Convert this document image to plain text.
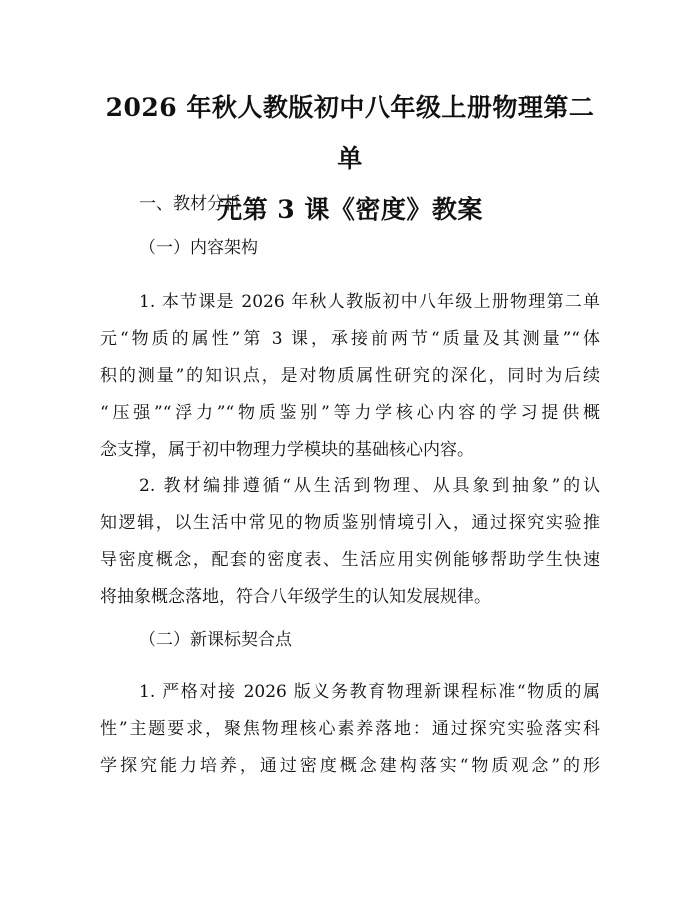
2026 年秋人教版初中八年级上册物理第二单
元第 3 课《密度》教案
一、教材分析
（一）内容架构
1. 本节课是 2026 年秋人教版初中八年级上册物理第二单
元“物质的属性”第 3 课，承接前两节“质量及其测量”“体
积的测量”的知识点，是对物质属性研究的深化，同时为后续
“压强”“浮力”“物质鉴别”等力学核心内容的学习提供概
念支撑，属于初中物理力学模块的基础核心内容。
2. 教材编排遵循“从生活到物理、从具象到抽象”的认
知逻辑，以生活中常见的物质鉴别情境引入，通过探究实验推
导密度概念，配套的密度表、生活应用实例能够帮助学生快速
将抽象概念落地，符合八年级学生的认知发展规律。
（二）新课标契合点
1. 严格对接 2026 版义务教育物理新课程标准“物质的属
性”主题要求，聚焦物理核心素养落地：通过探究实验落实科
学探究能力培养，通过密度概念建构落实“物质观念”的形
